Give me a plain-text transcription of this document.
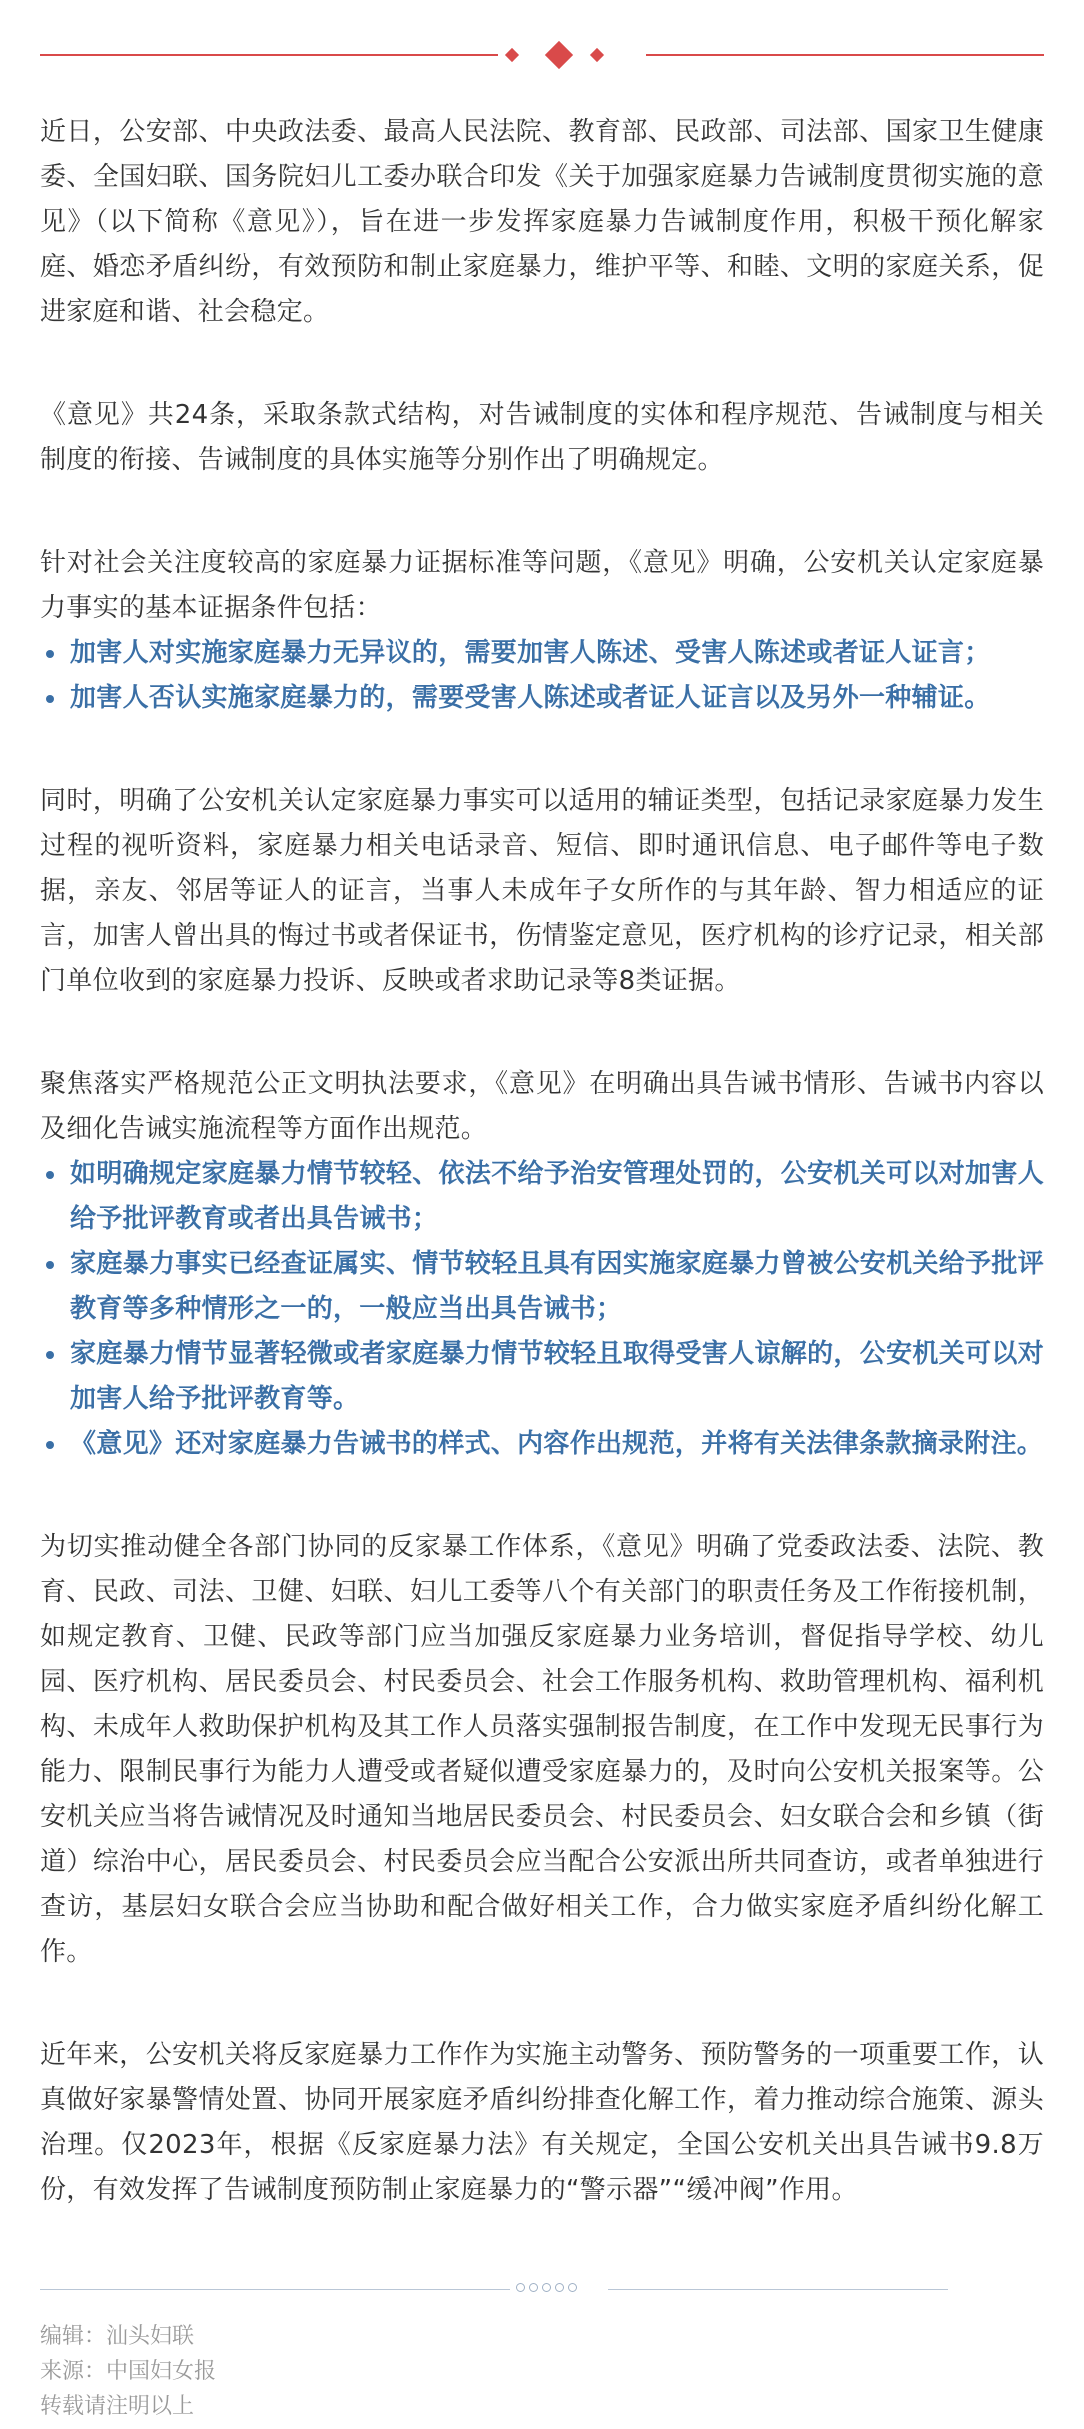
近日，公安部、中央政法委、最高人民法院、教育部、民政部、司法部、国家卫生健康委、全国妇联、国务院妇儿工委办联合印发《关于加强家庭暴力告诫制度贯彻实施的意见》（以下简称《意见》），旨在进一步发挥家庭暴力告诫制度作用，积极干预化解家庭、婚恋矛盾纠纷，有效预防和制止家庭暴力，维护平等、和睦、文明的家庭关系，促进家庭和谐、社会稳定。

《意见》共24条，采取条款式结构，对告诫制度的实体和程序规范、告诫制度与相关制度的衔接、告诫制度的具体实施等分别作出了明确规定。

针对社会关注度较高的家庭暴力证据标准等问题，《意见》明确，公安机关认定家庭暴力事实的基本证据条件包括：

加害人对实施家庭暴力无异议的，需要加害人陈述、受害人陈述或者证人证言；
加害人否认实施家庭暴力的，需要受害人陈述或者证人证言以及另外一种辅证。

同时，明确了公安机关认定家庭暴力事实可以适用的辅证类型，包括记录家庭暴力发生过程的视听资料，家庭暴力相关电话录音、短信、即时通讯信息、电子邮件等电子数据，亲友、邻居等证人的证言，当事人未成年子女所作的与其年龄、智力相适应的证言，加害人曾出具的悔过书或者保证书，伤情鉴定意见，医疗机构的诊疗记录，相关部门单位收到的家庭暴力投诉、反映或者求助记录等8类证据。

聚焦落实严格规范公正文明执法要求，《意见》在明确出具告诫书情形、告诫书内容以及细化告诫实施流程等方面作出规范。

如明确规定家庭暴力情节较轻、依法不给予治安管理处罚的，公安机关可以对加害人给予批评教育或者出具告诫书；
家庭暴力事实已经查证属实、情节较轻且具有因实施家庭暴力曾被公安机关给予批评教育等多种情形之一的，一般应当出具告诫书；
家庭暴力情节显著轻微或者家庭暴力情节较轻且取得受害人谅解的，公安机关可以对加害人给予批评教育等。
《意见》还对家庭暴力告诫书的样式、内容作出规范，并将有关法律条款摘录附注。

为切实推动健全各部门协同的反家暴工作体系，《意见》明确了党委政法委、法院、教育、民政、司法、卫健、妇联、妇儿工委等八个有关部门的职责任务及工作衔接机制，如规定教育、卫健、民政等部门应当加强反家庭暴力业务培训，督促指导学校、幼儿园、医疗机构、居民委员会、村民委员会、社会工作服务机构、救助管理机构、福利机构、未成年人救助保护机构及其工作人员落实强制报告制度，在工作中发现无民事行为能力、限制民事行为能力人遭受或者疑似遭受家庭暴力的，及时向公安机关报案等。公安机关应当将告诫情况及时通知当地居民委员会、村民委员会、妇女联合会和乡镇（街道）综治中心，居民委员会、村民委员会应当配合公安派出所共同查访，或者单独进行查访，基层妇女联合会应当协助和配合做好相关工作，合力做实家庭矛盾纠纷化解工作。

近年来，公安机关将反家庭暴力工作作为实施主动警务、预防警务的一项重要工作，认真做好家暴警情处置、协同开展家庭矛盾纠纷排查化解工作，着力推动综合施策、源头治理。仅2023年，根据《反家庭暴力法》有关规定，全国公安机关出具告诫书9.8万份，有效发挥了告诫制度预防制止家庭暴力的“警示器”“缓冲阀”作用。

编辑：汕头妇联
来源：中国妇女报
转载请注明以上
